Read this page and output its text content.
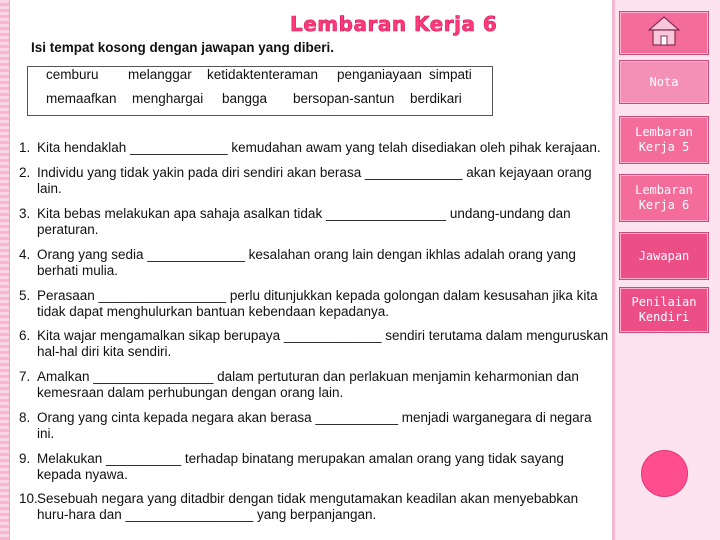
Lembaran Kerja 6
Isi tempat kosong dengan jawapan yang diberi.
cemburu melanggar ketidaktenteraman penganiayaan simpati
memaafkan menghargai bangga bersopan-santun berdikari
1. Kita hendaklah _____________ kemudahan awam yang telah disediakan oleh pihak kerajaan.
2. Individu yang tidak yakin pada diri sendiri akan berasa _____________ akan kejayaan orang lain.
3. Kita bebas melakukan apa sahaja asalkan tidak ________________ undang-undang dan peraturan.
4. Orang yang sedia _____________ kesalahan orang lain dengan ikhlas adalah orang yang berhati mulia.
5. Perasaan _________________ perlu ditunjukkan kepada golongan dalam kesusahan jika kita tidak dapat menghulurkan bantuan kebendaan kepadanya.
6. Kita wajar mengamalkan sikap berupaya _____________ sendiri terutama dalam menguruskan hal-hal diri kita sendiri.
7. Amalkan ________________ dalam pertuturan dan perlakuan menjamin keharmonian dan kemesraan dalam perhubungan dengan orang lain.
8. Orang yang cinta kepada negara akan berasa ___________ menjadi warganegara di negara ini.
9. Melakukan __________ terhadap binatang merupakan amalan orang yang tidak sayang kepada nyawa.
10. Sesebuah negara yang ditadbir dengan tidak mengutamakan keadilan akan menyebabkan huru-hara dan _________________ yang berpanjangan.
Nota
Lembaran Kerja 5
Lembaran Kerja 6
Jawapan
Penilaian Kendiri
